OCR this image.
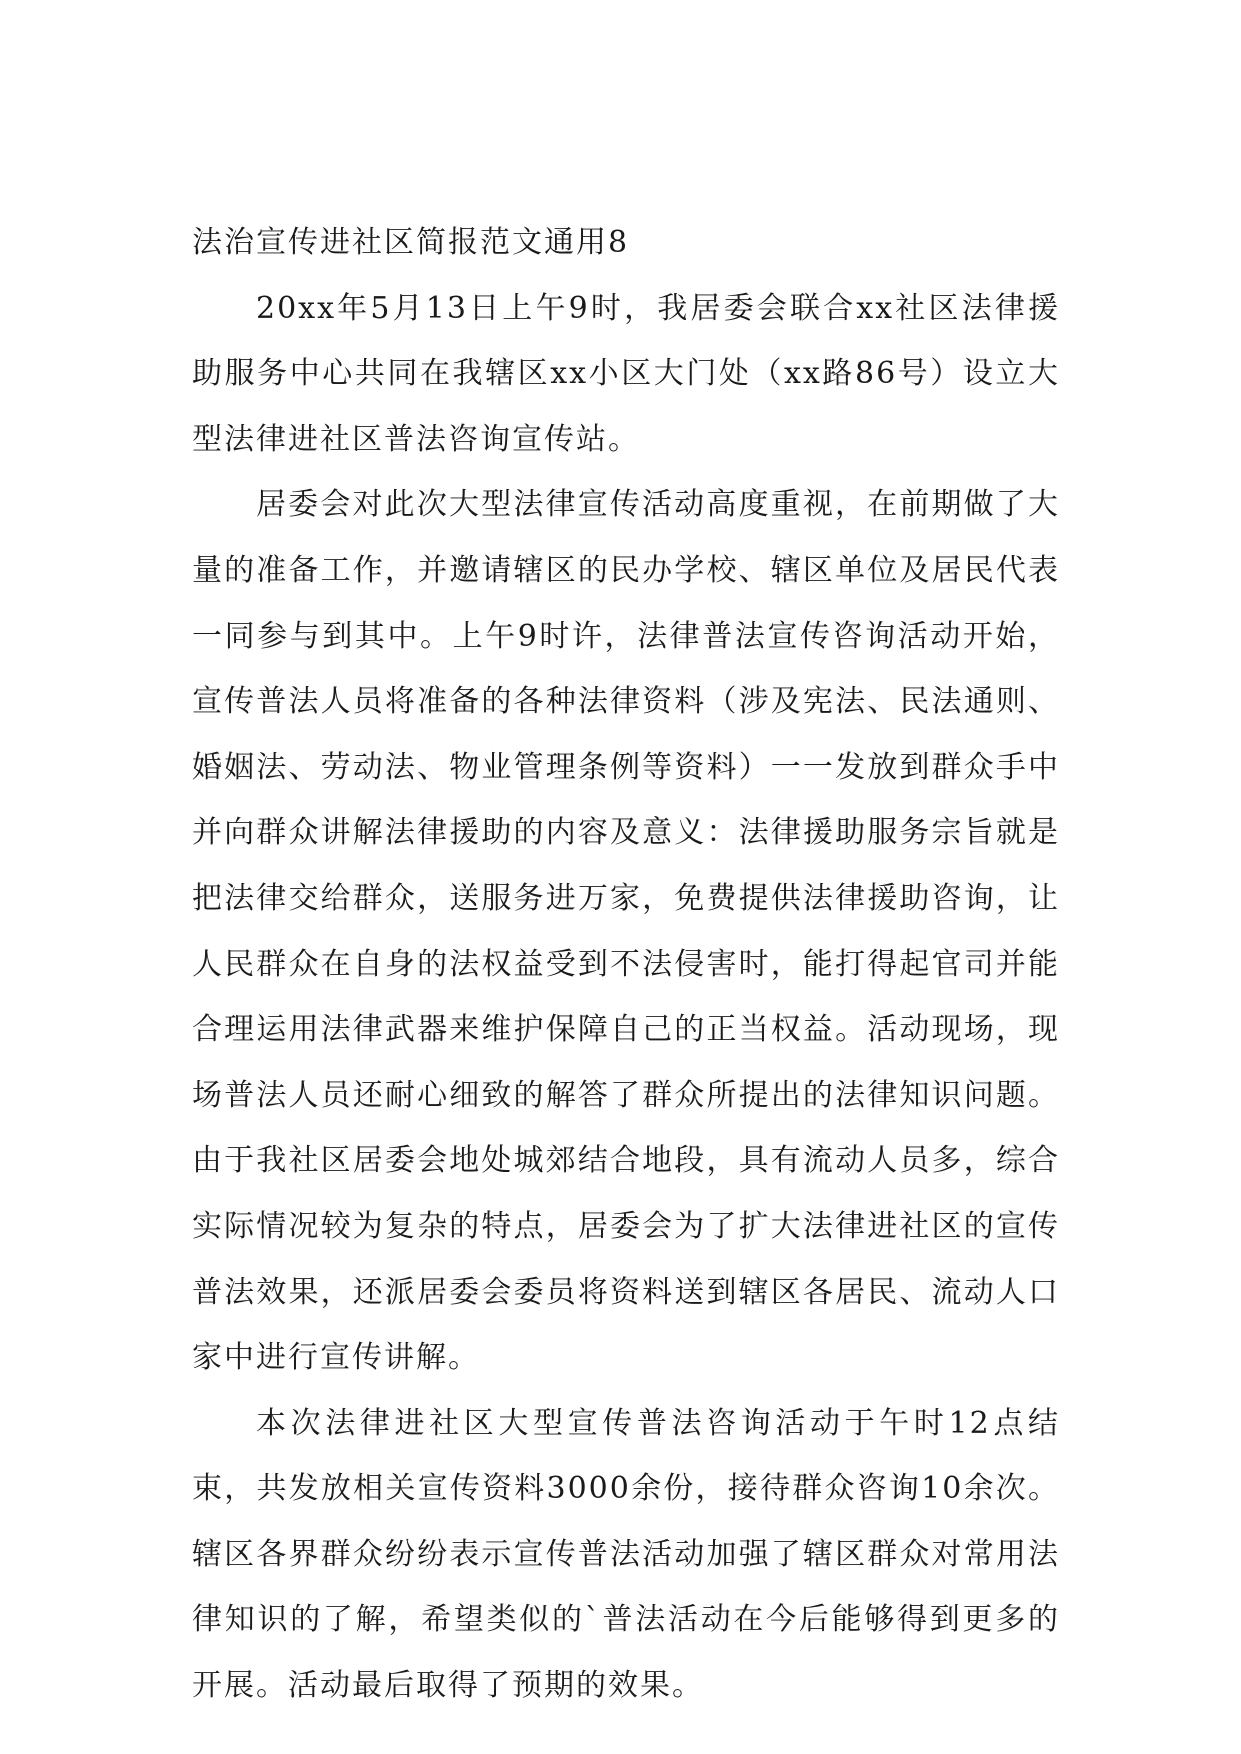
法治宣传进社区简报范文通用8

20xx年5月13日上午9时，我居委会联合xx社区法律援助服务中心共同在我辖区xx小区大门处（xx路86号）设立大型法律进社区普法咨询宣传站。

居委会对此次大型法律宣传活动高度重视，在前期做了大量的准备工作，并邀请辖区的民办学校、辖区单位及居民代表一同参与到其中。上午9时许，法律普法宣传咨询活动开始，宣传普法人员将准备的各种法律资料（涉及宪法、民法通则、婚姻法、劳动法、物业管理条例等资料）一一发放到群众手中并向群众讲解法律援助的内容及意义：法律援助服务宗旨就是把法律交给群众，送服务进万家，免费提供法律援助咨询，让人民群众在自身的法权益受到不法侵害时，能打得起官司并能合理运用法律武器来维护保障自己的正当权益。活动现场，现场普法人员还耐心细致的解答了群众所提出的法律知识问题。由于我社区居委会地处城郊结合地段，具有流动人员多，综合实际情况较为复杂的特点，居委会为了扩大法律进社区的宣传普法效果，还派居委会委员将资料送到辖区各居民、流动人口家中进行宣传讲解。

本次法律进社区大型宣传普法咨询活动于午时12点结束，共发放相关宣传资料3000余份，接待群众咨询10余次。辖区各界群众纷纷表示宣传普法活动加强了辖区群众对常用法律知识的了解，希望类似的`普法活动在今后能够得到更多的开展。活动最后取得了预期的效果。
